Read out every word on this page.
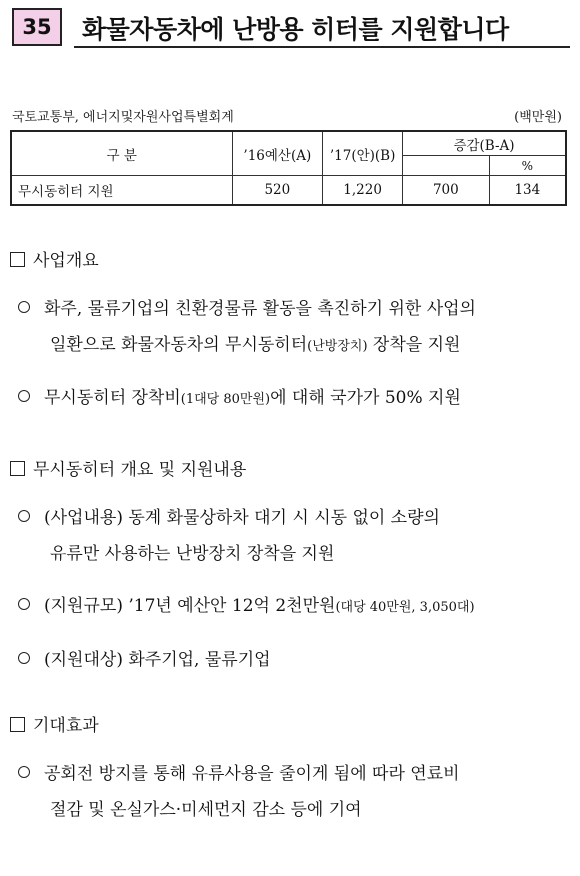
35	화물자동차에 난방용 히터를 지원합니다
국토교통부, 에너지및자원사업특별회계	(백만원)
구 분	’16예산(A)	’17(안)(B)	증감(B-A)	
				%
무시동히터 지원	520	1,220	700	134
사업개요
화주, 물류기업의 친환경물류 활동을 촉진하기 위한 사업의
일환으로 화물자동차의 무시동히터(난방장치) 장착을 지원
무시동히터 장착비(1대당 80만원)에 대해 국가가 50% 지원
무시동히터 개요 및 지원내용
(사업내용) 동계 화물상하차 대기 시 시동 없이 소량의
유류만 사용하는 난방장치 장착을 지원
(지원규모) ’17년 예산안 12억 2천만원(대당 40만원, 3,050대)
(지원대상) 화주기업, 물류기업
기대효과
공회전 방지를 통해 유류사용을 줄이게 됨에 따라 연료비
절감 및 온실가스·미세먼지 감소 등에 기여
